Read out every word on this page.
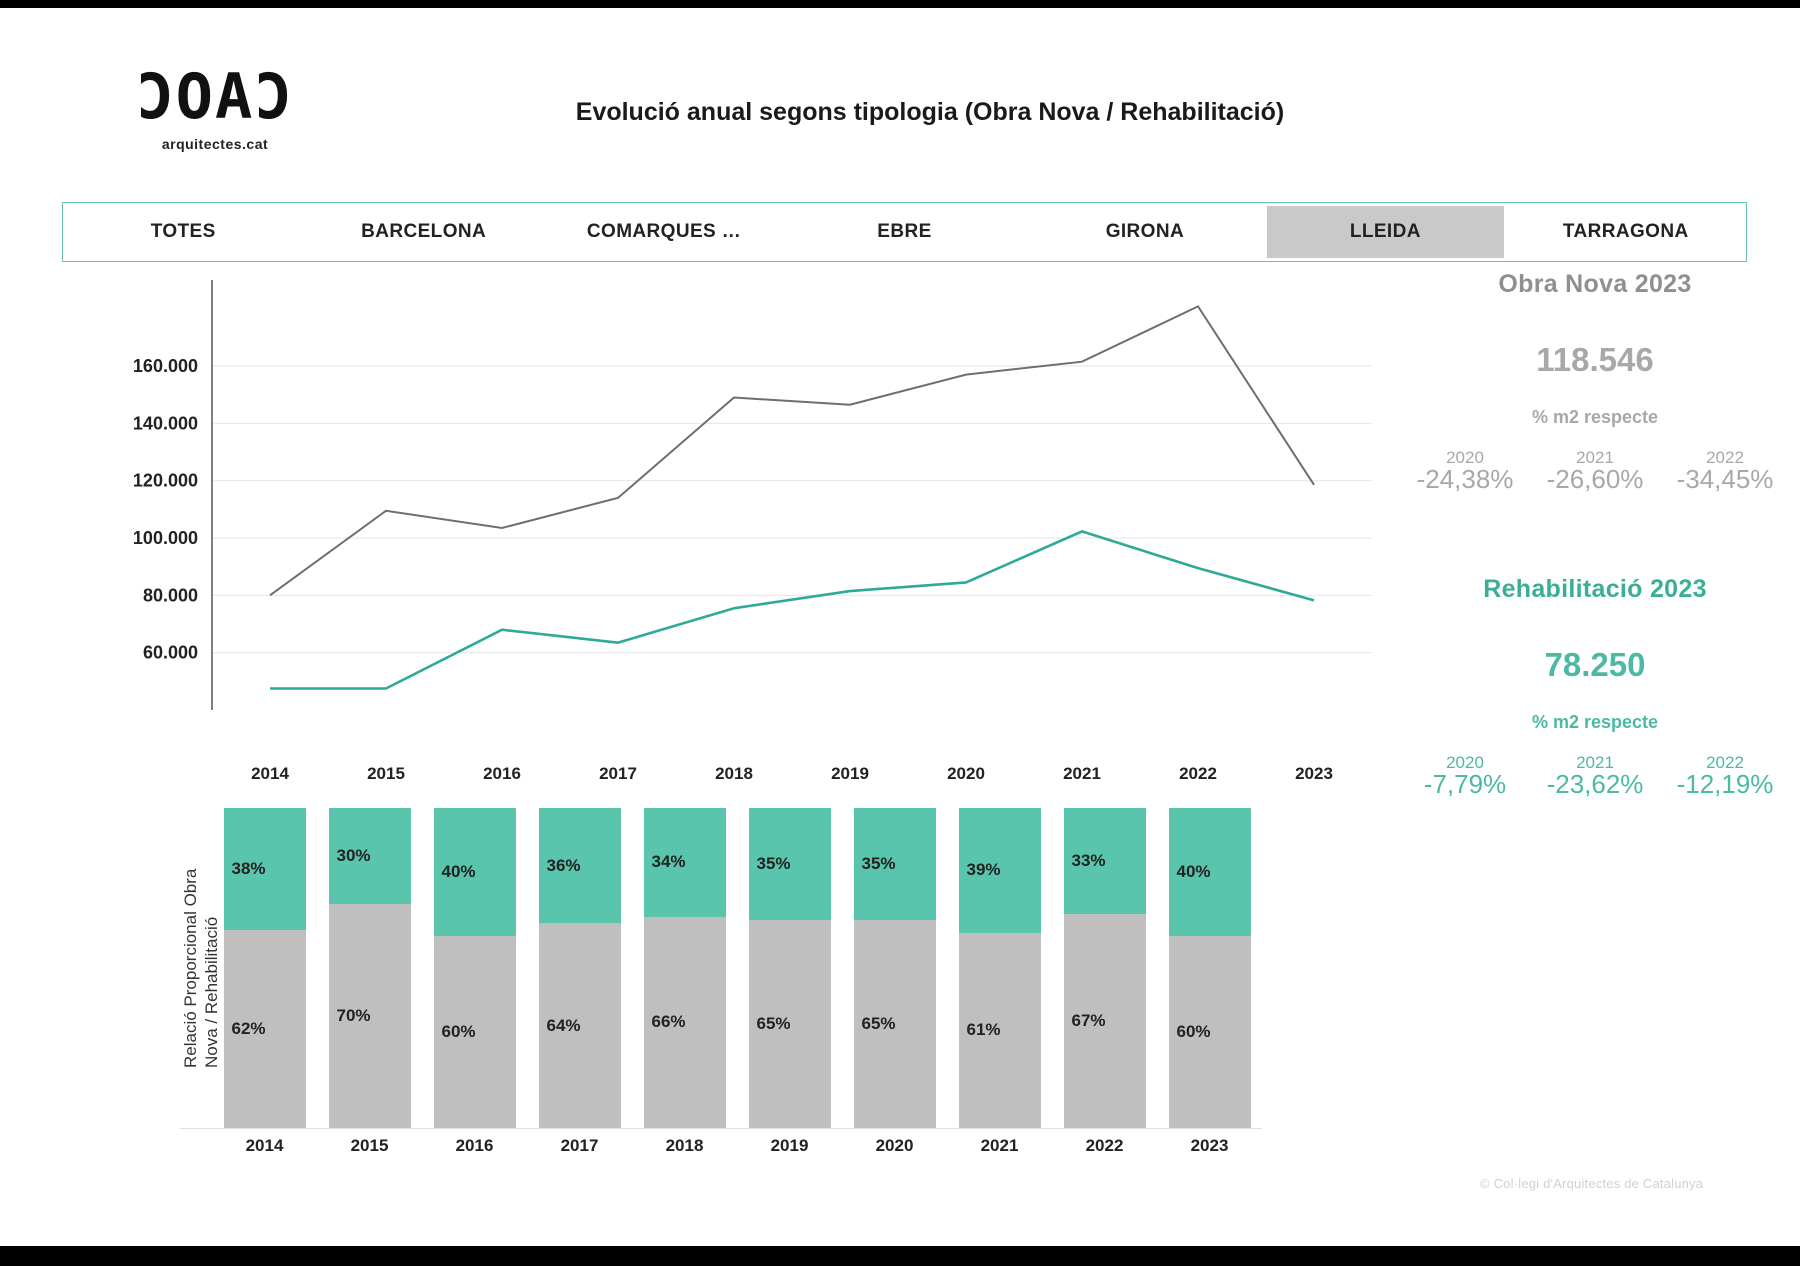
ƆOAƆ
arquitectes.cat
Evolució anual segons tipologia (Obra Nova / Rehabilitació)
TOTES	BARCELONA	COMARQUES …	EBRE	GIRONA	LLEIDA	TARRAGONA
160.000
140.000
120.000
100.000
80.000
60.000
2014	2015	2016	2017	2018	2019	2020	2021	2022	2023
Obra Nova 2023
118.546
% m2 respecte
2020	2021	2022
-24,38%	-26,60%	-34,45%
Rehabilitació 2023
78.250
% m2 respecte
2020	2021	2022
-7,79%	-23,62%	-12,19%
Relació Proporcional Obra Nova / Rehabilitació
38%
62%
30%
70%
40%
60%
36%
64%
34%
66%
35%
65%
35%
65%
39%
61%
33%
67%
40%
60%
2014	2015	2016	2017	2018	2019	2020	2021	2022	2023
© Col·legi d'Arquitectes de Catalunya
